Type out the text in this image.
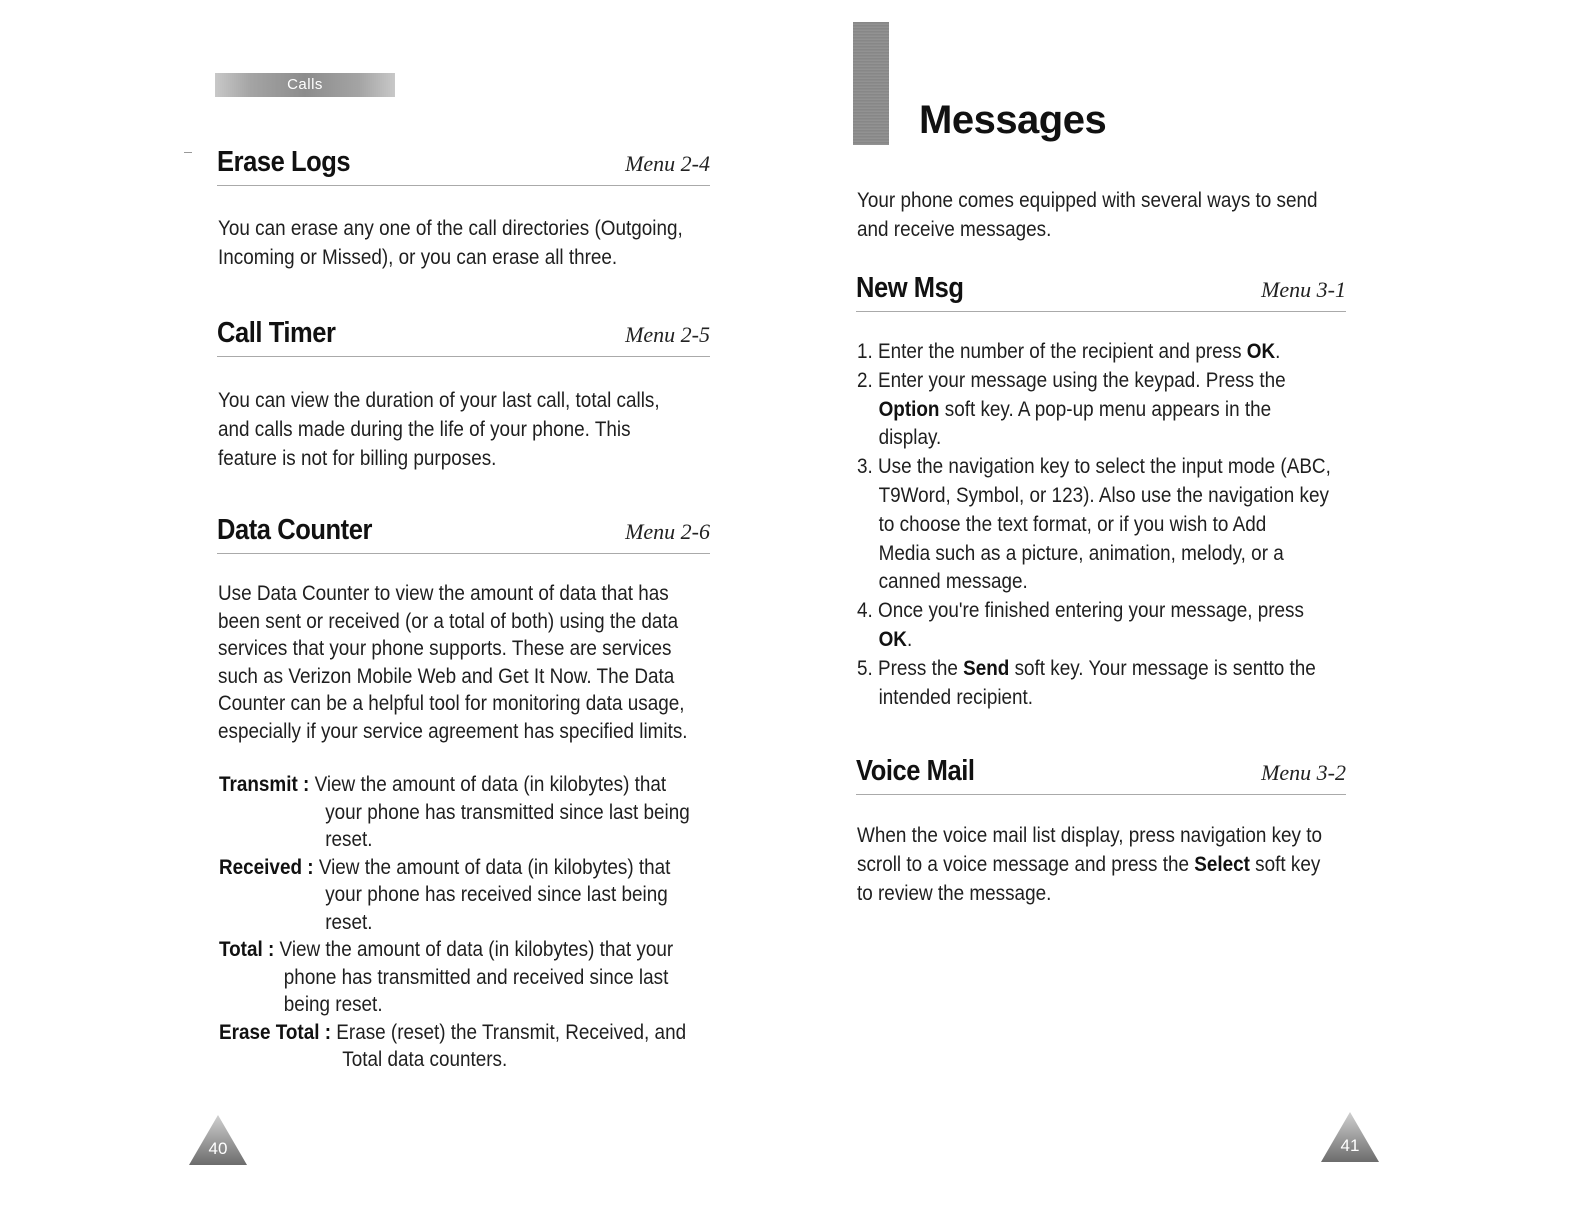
Calls
Erase Logs	Menu 2-4

You can erase any one of the call directories (Outgoing,
Incoming or Missed), or you can erase all three.

Call Timer	Menu 2-5

You can view the duration of your last call, total calls,
and calls made during the life of your phone. This
feature is not for billing purposes.

Data Counter	Menu 2-6

Use Data Counter to view the amount of data that has
been sent or received (or a total of both) using the data
services that your phone supports. These are services
such as Verizon Mobile Web and Get It Now. The Data
Counter can be a helpful tool for monitoring data usage,
especially if your service agreement has specified limits.

Transmit : View the amount of data (in kilobytes) that
your phone has transmitted since last being
reset.

Received : View the amount of data (in kilobytes) that
your phone has received since last being
reset.

Total : View the amount of data (in kilobytes) that your
phone has transmitted and received since last
being reset.

Erase Total : Erase (reset) the Transmit, Received, and
Total data counters.

40
Messages

Your phone comes equipped with several ways to send
and receive messages.

New Msg	Menu 3-1
1. Enter the number of the recipient and press OK.
2. Enter your message using the keypad. Press the
Option soft key. A pop-up menu appears in the
display.
3. Use the navigation key to select the input mode (ABC,
T9Word, Symbol, or 123). Also use the navigation key
to choose the text format, or if you wish to Add
Media such as a picture, animation, melody, or a
canned message.
4. Once you're finished entering your message, press
OK.
5. Press the Send soft key. Your message is sentto the
intended recipient.
Voice Mail	Menu 3-2

When the voice mail list display, press navigation key to
scroll to a voice message and press the Select soft key
to review the message.

41
